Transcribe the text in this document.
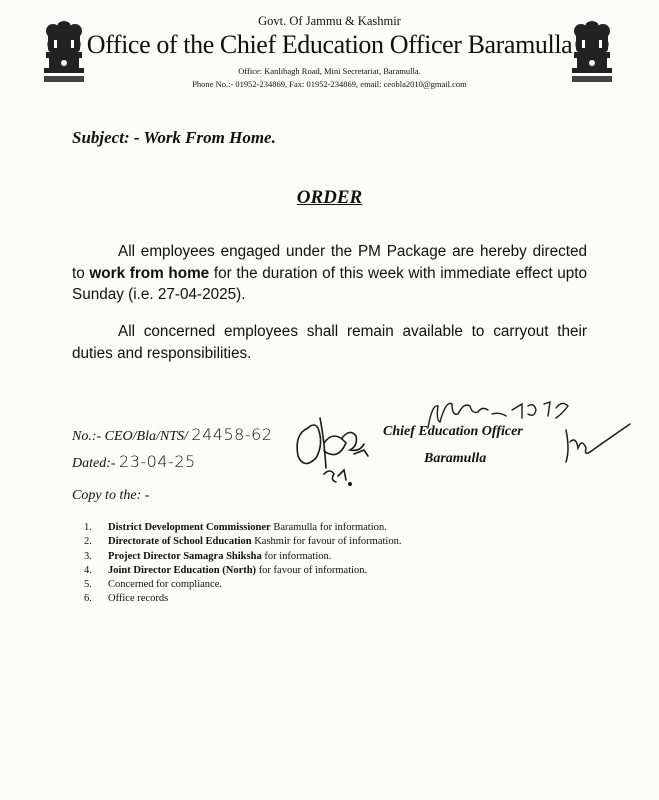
Govt. Of Jammu & Kashmir
Office of the Chief Education Officer Baramulla
Office: Kanlibagh Road, Mini Secretariat, Baramulla.
Phone No.:- 01952-234869, Fax: 01952-234869, email: ceobla2010@gmail.com
Subject: - Work From Home.
ORDER
All employees engaged under the PM Package are hereby directed to work from home for the duration of this week with immediate effect upto Sunday (i.e. 27-04-2025).
All concerned employees shall remain available to carryout their duties and responsibilities.
No.:- CEO/Bla/NTS/ 24458-62
Dated:- 23-04-25
Chief Education Officer
Baramulla
Copy to the: -
1. District Development Commissioner Baramulla for information.
2. Directorate of School Education Kashmir for favour of information.
3. Project Director Samagra Shiksha for information.
4. Joint Director Education (North) for favour of information.
5. Concerned for compliance.
6. Office records
